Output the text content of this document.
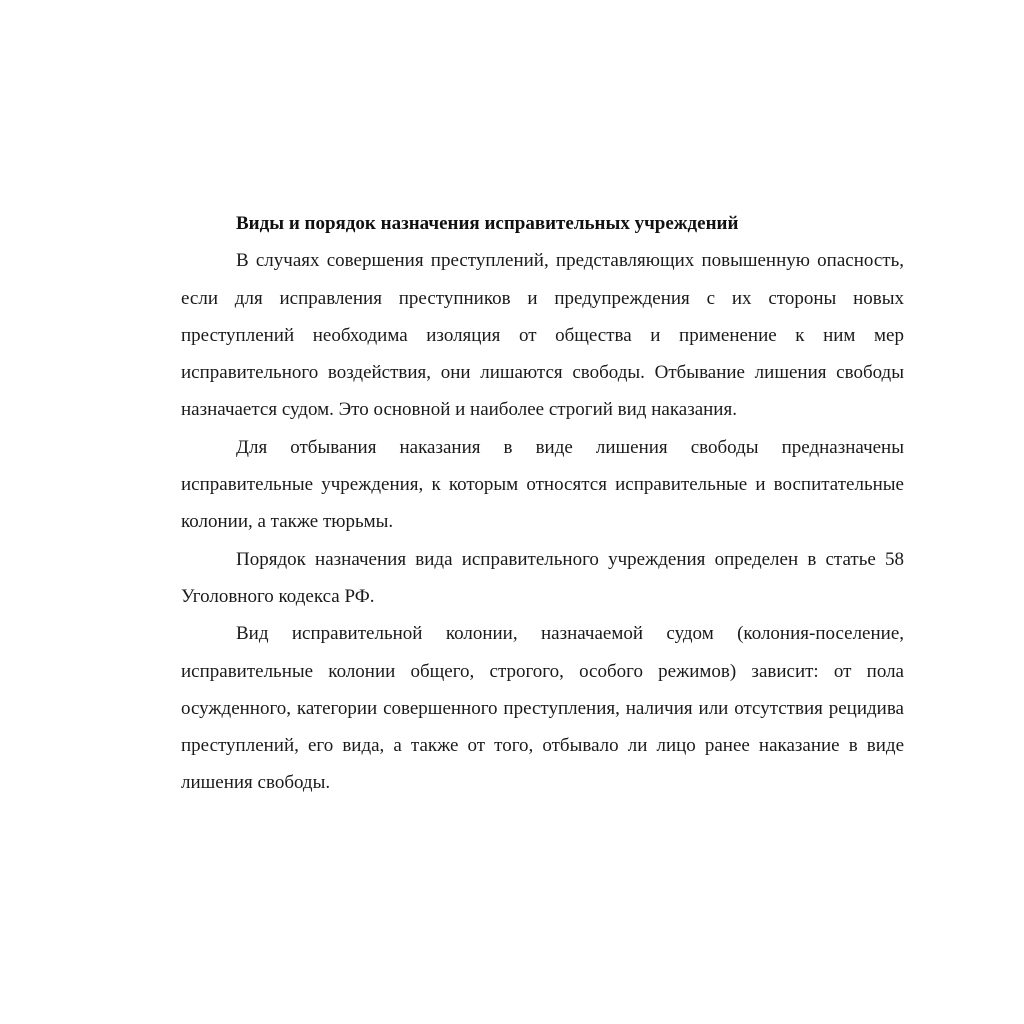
Виды и порядок назначения исправительных учреждений

В случаях совершения преступлений, представляющих повышенную опасность, если для исправления преступников и предупреждения с их стороны новых преступлений необходима изоляция от общества и применение к ним мер исправительного воздействия, они лишаются свободы. Отбывание лишения свободы назначается судом. Это основной и наиболее строгий вид наказания.

Для отбывания наказания в виде лишения свободы предназначены исправительные учреждения, к которым относятся исправительные и воспитательные колонии, а также тюрьмы.

Порядок назначения вида исправительного учреждения определен в статье 58 Уголовного кодекса РФ.

Вид исправительной колонии, назначаемой судом (колония-поселение, исправительные колонии общего, строгого, особого режимов) зависит: от пола осужденного, категории совершенного преступления, наличия или отсутствия рецидива преступлений, его вида, а также от того, отбывало ли лицо ранее наказание в виде лишения свободы.
